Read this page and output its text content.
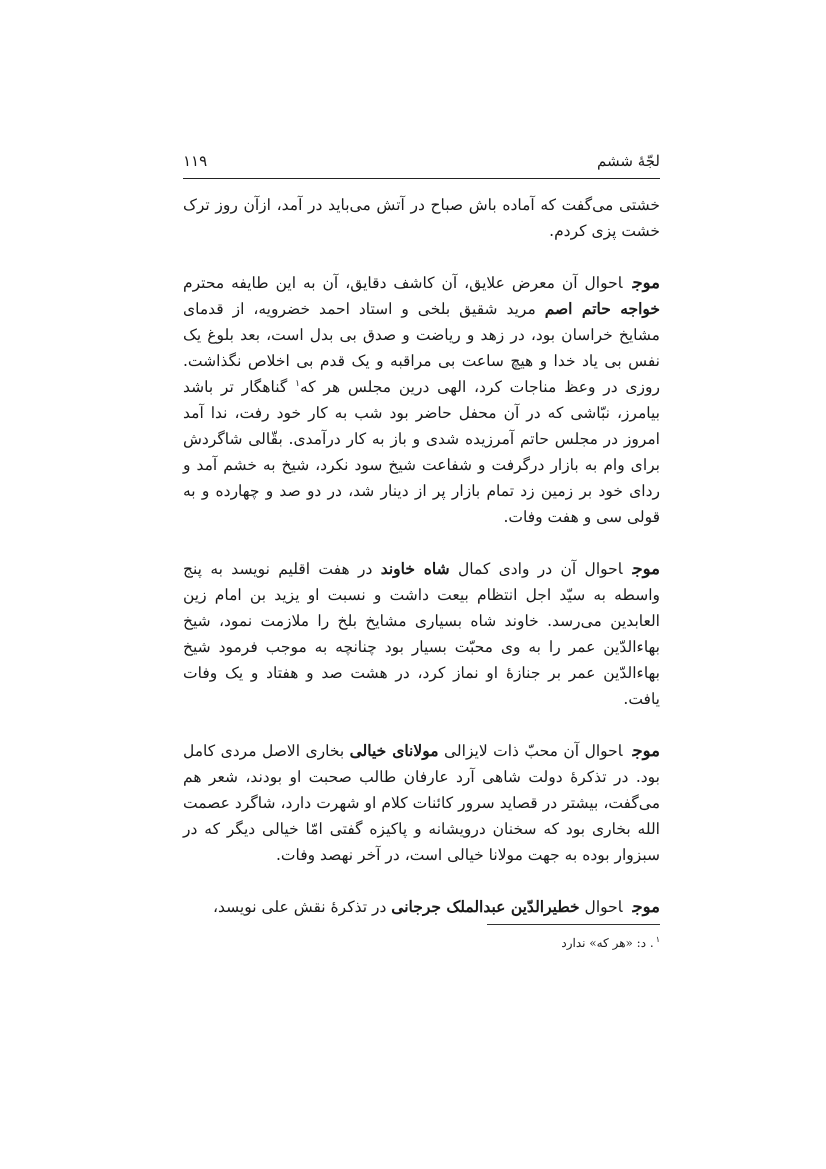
لجّهٔ ششم
۱۱۹

خشتی می‌گفت که آماده باش صباح در آتش می‌باید در آمد، ازآن روز ترک خشت پزی کردم.

موجاحوال آن معرض علایق، آن کاشف دقایق، آن به این طایفه محترم خواجه حاتم اصم مرید شقیق بلخی و استاد احمد خضرویه، از قدمای مشایخ خراسان بود، در زهد و ریاضت و صدق بی بدل است، بعد بلوغ یک نفس بی یاد خدا و هیچ ساعت بی مراقبه و یک قدم بی اخلاص نگذاشت. روزی در وعظ مناجات کرد، الهی درین مجلس هر که$^۱$ گناهگار تر باشد بیامرز، نبّاشی که در آن محفل حاضر بود شب به کار خود رفت، ندا آمد امروز در مجلس حاتم آمرزیده شدی و باز به کار درآمدی. بقّالی شاگردش برای وام به بازار درگرفت و شفاعت شیخ سود نکرد، شیخ به خشم آمد و ردای خود بر زمین زد تمام بازار پر از دینار شد، در دو صد و چهارده و به قولی سی و هفت وفات.

موجاحوال آن در وادی کمال شاه خاوند در هفت اقلیم نویسد به پنج واسطه به سیّد اجل انتظام بیعت داشت و نسبت او یزید بن امام زین العابدین می‌رسد. خاوند شاه بسیاری مشایخ بلخ را ملازمت نمود، شیخ بهاءالدّین عمر را به وی محبّت بسیار بود چنانچه به موجب فرمود شیخ بهاءالدّین عمر بر جنازهٔ او نماز کرد، در هشت صد و هفتاد و یک وفات یافت.

موجاحوال آن محبّ ذات لایزالی مولانای خیالی بخاری الاصل مردی کامل بود. در تذکرهٔ دولت شاهی آرد عارفان طالب صحبت او بودند، شعر هم می‌گفت، بیشتر در قصاید سرور کائنات کلام او شهرت دارد، شاگرد عصمت الله بخاری بود که سخنان درویشانه و پاکیزه گفتی امّا خیالی دیگر که در سبزوار بوده به جهت مولانا خیالی است، در آخر نهصد وفات.

موجاحوال خطیرالدّین عبدالملک جرجانی در تذکرهٔ نقش علی نویسد،

$^۱$. د: «هر که» ندارد
